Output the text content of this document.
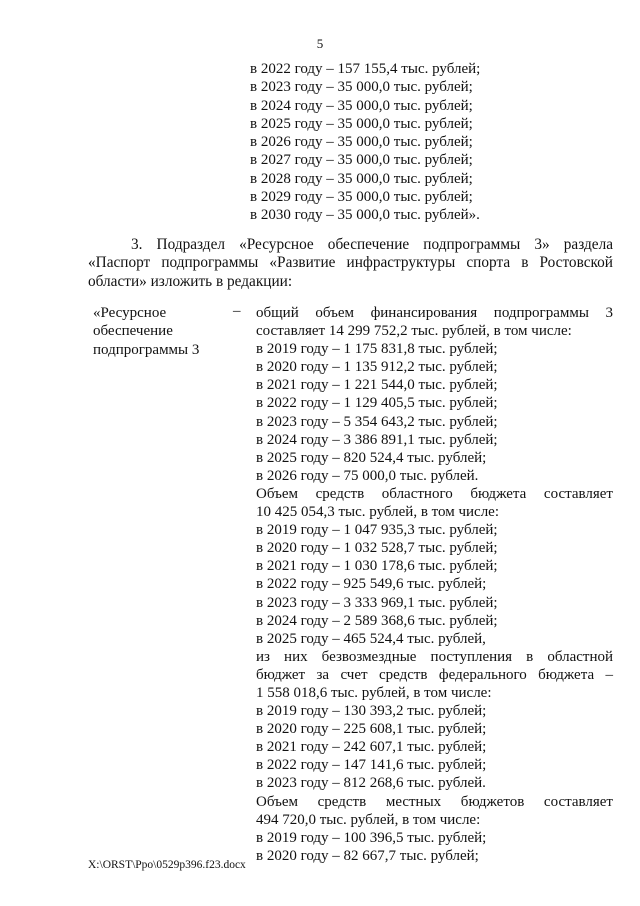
5
в 2022 году – 157 155,4 тыс. рублей;
в 2023 году – 35 000,0 тыс. рублей;
в 2024 году – 35 000,0 тыс. рублей;
в 2025 году – 35 000,0 тыс. рублей;
в 2026 году – 35 000,0 тыс. рублей;
в 2027 году – 35 000,0 тыс. рублей;
в 2028 году – 35 000,0 тыс. рублей;
в 2029 году – 35 000,0 тыс. рублей;
в 2030 году – 35 000,0 тыс. рублей».
3. Подраздел «Ресурсное обеспечение подпрограммы 3» раздела «Паспорт подпрограммы «Развитие инфраструктуры спорта в Ростовской области» изложить в редакции:
«Ресурсное
обеспечение
подпрограммы 3
– общий объем финансирования подпрограммы 3
составляет 14 299 752,2 тыс. рублей, в том числе:
в 2019 году – 1 175 831,8 тыс. рублей;
в 2020 году – 1 135 912,2 тыс. рублей;
в 2021 году – 1 221 544,0 тыс. рублей;
в 2022 году – 1 129 405,5 тыс. рублей;
в 2023 году – 5 354 643,2 тыс. рублей;
в 2024 году – 3 386 891,1 тыс. рублей;
в 2025 году – 820 524,4 тыс. рублей;
в 2026 году – 75 000,0 тыс. рублей.
Объем средств областного бюджета составляет
10 425 054,3 тыс. рублей, в том числе:
в 2019 году – 1 047 935,3 тыс. рублей;
в 2020 году – 1 032 528,7 тыс. рублей;
в 2021 году – 1 030 178,6 тыс. рублей;
в 2022 году – 925 549,6 тыс. рублей;
в 2023 году – 3 333 969,1 тыс. рублей;
в 2024 году – 2 589 368,6 тыс. рублей;
в 2025 году – 465 524,4 тыс. рублей,
из них безвозмездные поступления в областной
бюджет за счет средств федерального бюджета –
1 558 018,6 тыс. рублей, в том числе:
в 2019 году – 130 393,2 тыс. рублей;
в 2020 году – 225 608,1 тыс. рублей;
в 2021 году – 242 607,1 тыс. рублей;
в 2022 году – 147 141,6 тыс. рублей;
в 2023 году – 812 268,6 тыс. рублей.
Объем средств местных бюджетов составляет
494 720,0 тыс. рублей, в том числе:
в 2019 году – 100 396,5 тыс. рублей;
в 2020 году – 82 667,7 тыс. рублей;
X:\ORST\Ppo\0529p396.f23.docx
